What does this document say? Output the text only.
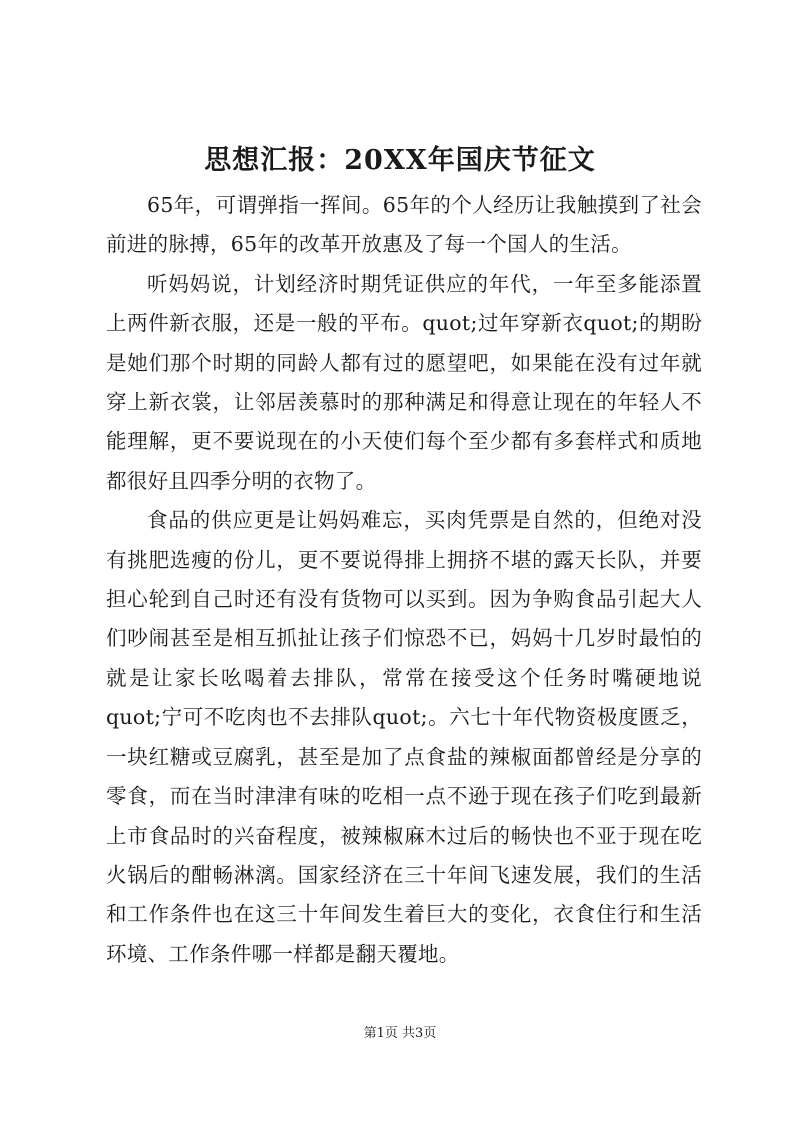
思想汇报：20XX年国庆节征文

65年，可谓弹指一挥间。65年的个人经历让我触摸到了社会前进的脉搏，65年的改革开放惠及了每一个国人的生活。

听妈妈说，计划经济时期凭证供应的年代，一年至多能添置上两件新衣服，还是一般的平布。quot;过年穿新衣quot;的期盼是她们那个时期的同龄人都有过的愿望吧，如果能在没有过年就穿上新衣裳，让邻居羡慕时的那种满足和得意让现在的年轻人不能理解，更不要说现在的小天使们每个至少都有多套样式和质地都很好且四季分明的衣物了。

食品的供应更是让妈妈难忘，买肉凭票是自然的，但绝对没有挑肥选瘦的份儿，更不要说得排上拥挤不堪的露天长队，并要担心轮到自己时还有没有货物可以买到。因为争购食品引起大人们吵闹甚至是相互抓扯让孩子们惊恐不已，妈妈十几岁时最怕的就是让家长吆喝着去排队，常常在接受这个任务时嘴硬地说quot;宁可不吃肉也不去排队quot;。六七十年代物资极度匮乏，一块红糖或豆腐乳，甚至是加了点食盐的辣椒面都曾经是分享的零食，而在当时津津有味的吃相一点不逊于现在孩子们吃到最新上市食品时的兴奋程度，被辣椒麻木过后的畅快也不亚于现在吃火锅后的酣畅淋漓。国家经济在三十年间飞速发展，我们的生活和工作条件也在这三十年间发生着巨大的变化，衣食住行和生活环境、工作条件哪一样都是翻天覆地。

第1页 共3页
